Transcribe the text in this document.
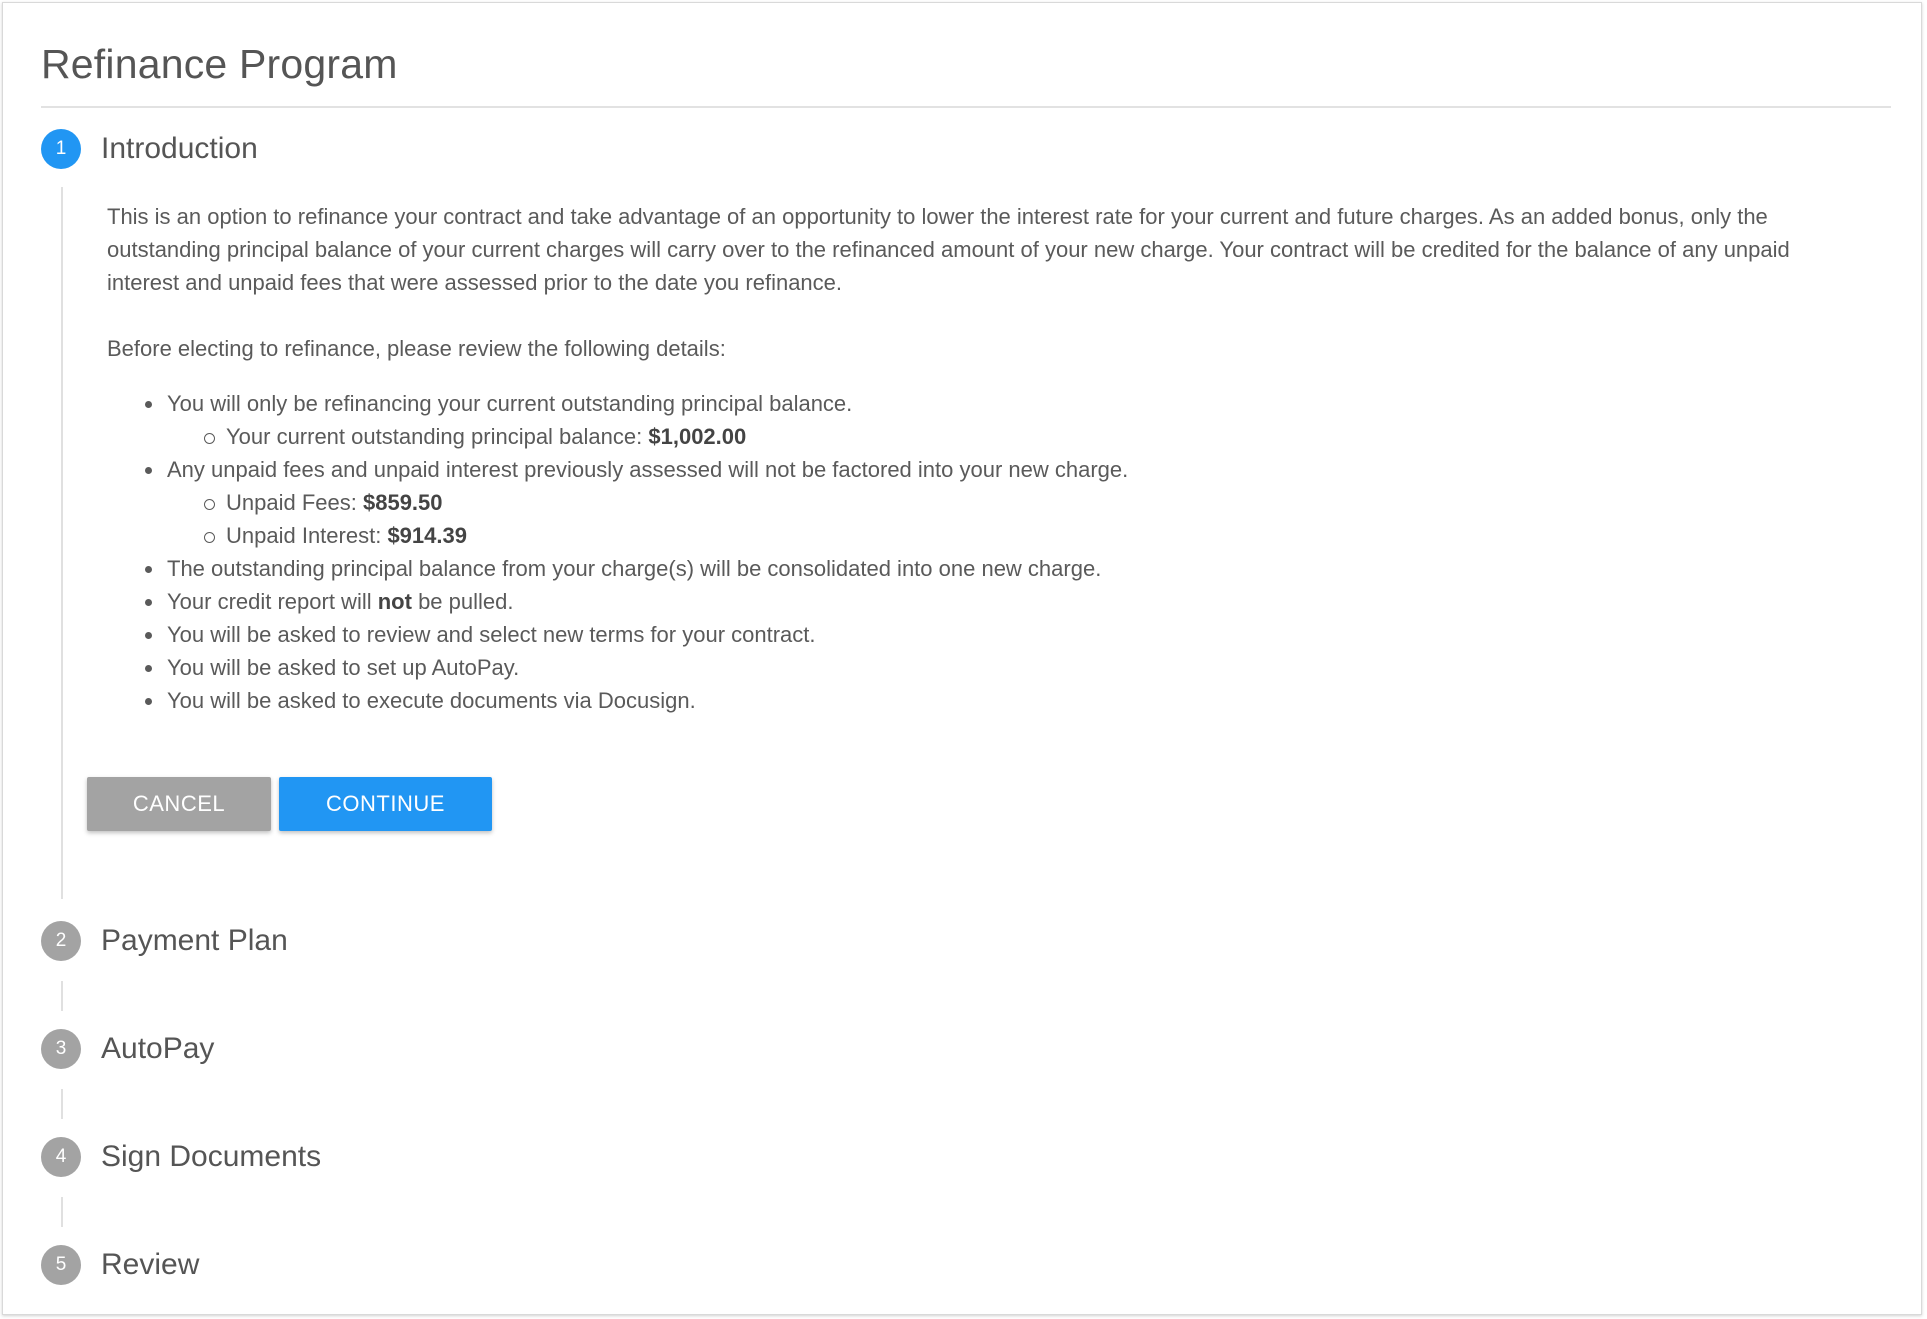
Refinance Program
1	Introduction

This is an option to refinance your contract and take advantage of an opportunity to lower the interest rate for your current and future charges. As an added bonus, only the outstanding principal balance of your current charges will carry over to the refinanced amount of your new charge. Your contract will be credited for the balance of any unpaid interest and unpaid fees that were assessed prior to the date you refinance.

Before electing to refinance, please review the following details:

You will only be refinancing your current outstanding principal balance.
Your current outstanding principal balance: $1,002.00
Any unpaid fees and unpaid interest previously assessed will not be factored into your new charge.
Unpaid Fees: $859.50
Unpaid Interest: $914.39
The outstanding principal balance from your charge(s) will be consolidated into one new charge.
Your credit report will not be pulled.
You will be asked to review and select new terms for your contract.
You will be asked to set up AutoPay.
You will be asked to execute documents via Docusign.
CANCEL	CONTINUE
2	Payment Plan
3	AutoPay
4	Sign Documents
5	Review
